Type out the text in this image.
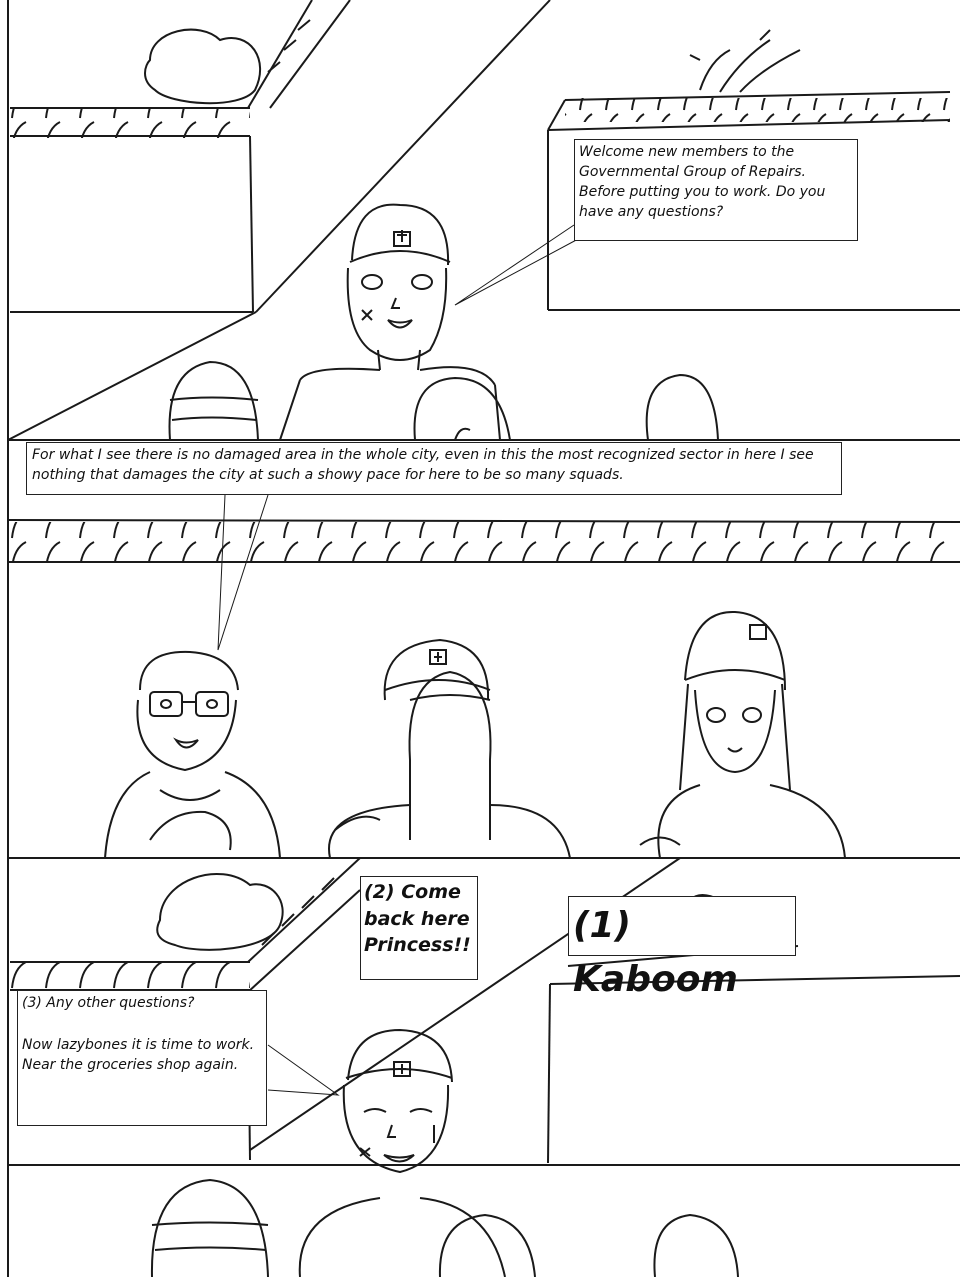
Welcome new members to the Governmental Group of Repairs. Before putting you to work. Do you have any questions?
For what I see there is no damaged area in the whole city, even in this the most recognized sector in here I see nothing that damages the city at such a showy pace for here to be so many squads.
(2) Come back here Princess!!	(1) Kaboom

(3) Any other questions?

Now lazybones it is time to work. Near the groceries shop again.
